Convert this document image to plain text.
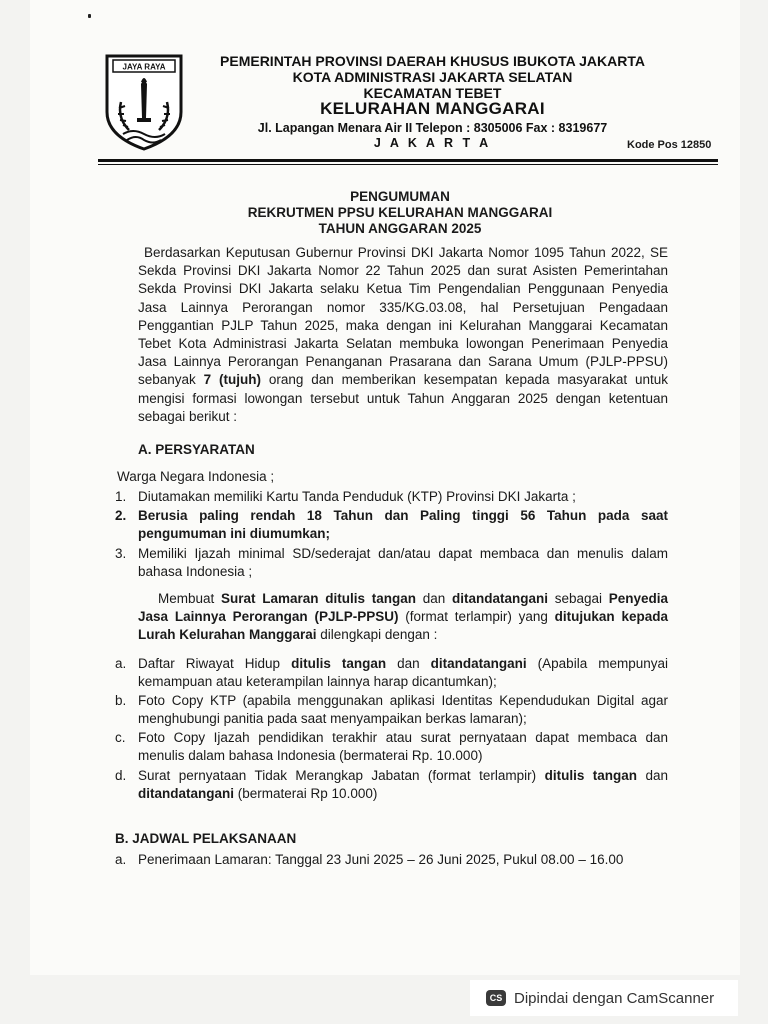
JAYA RAYA	PEMERINTAH PROVINSI DAERAH KHUSUS IBUKOTA JAKARTA
KOTA ADMINISTRASI JAKARTA SELATAN
KECAMATAN TEBET
KELURAHAN MANGGARAI
Jl. Lapangan Menara Air II Telepon : 8305006 Fax : 8319677
J A K A R T A	Kode Pos 12850
PENGUMUMAN
REKRUTMEN PPSU KELURAHAN MANGGARAI
TAHUN ANGGARAN 2025
Berdasarkan Keputusan Gubernur Provinsi DKI Jakarta Nomor 1095 Tahun 2022, SE Sekda Provinsi DKI Jakarta Nomor 22 Tahun 2025 dan surat Asisten Pemerintahan Sekda Provinsi DKI Jakarta selaku Ketua Tim Pengendalian Penggunaan Penyedia Jasa Lainnya Perorangan nomor 335/KG.03.08, hal Persetujuan Pengadaan Penggantian PJLP Tahun 2025, maka dengan ini Kelurahan Manggarai Kecamatan Tebet Kota Administrasi Jakarta Selatan membuka lowongan Penerimaan Penyedia Jasa Lainnya Perorangan Penanganan Prasarana dan Sarana Umum (PJLP-PPSU) sebanyak 7 (tujuh) orang dan memberikan kesempatan kepada masyarakat untuk mengisi formasi lowongan tersebut untuk Tahun Anggaran 2025 dengan ketentuan sebagai berikut :
A. PERSYARATAN
Warga Negara Indonesia ;
1. Diutamakan memiliki Kartu Tanda Penduduk (KTP) Provinsi DKI Jakarta ;
2. Berusia paling rendah 18 Tahun dan Paling tinggi 56 Tahun pada saat pengumuman ini diumumkan;
3. Memiliki Ijazah minimal SD/sederajat dan/atau dapat membaca dan menulis dalam bahasa Indonesia ;
Membuat Surat Lamaran ditulis tangan dan ditandatangani sebagai Penyedia Jasa Lainnya Perorangan (PJLP-PPSU) (format terlampir) yang ditujukan kepada Lurah Kelurahan Manggarai dilengkapi dengan :
a. Daftar Riwayat Hidup ditulis tangan dan ditandatangani (Apabila mempunyai kemampuan atau keterampilan lainnya harap dicantumkan);
b. Foto Copy KTP (apabila menggunakan aplikasi Identitas Kependudukan Digital agar menghubungi panitia pada saat menyampaikan berkas lamaran);
c. Foto Copy Ijazah pendidikan terakhir atau surat pernyataan dapat membaca dan menulis dalam bahasa Indonesia (bermaterai Rp. 10.000)
d. Surat pernyataan Tidak Merangkap Jabatan (format terlampir) ditulis tangan dan ditandatangani (bermaterai Rp 10.000)
B. JADWAL PELAKSANAAN
a. Penerimaan Lamaran: Tanggal 23 Juni 2025 – 26 Juni 2025, Pukul 08.00 – 16.00
CS Dipindai dengan CamScanner
